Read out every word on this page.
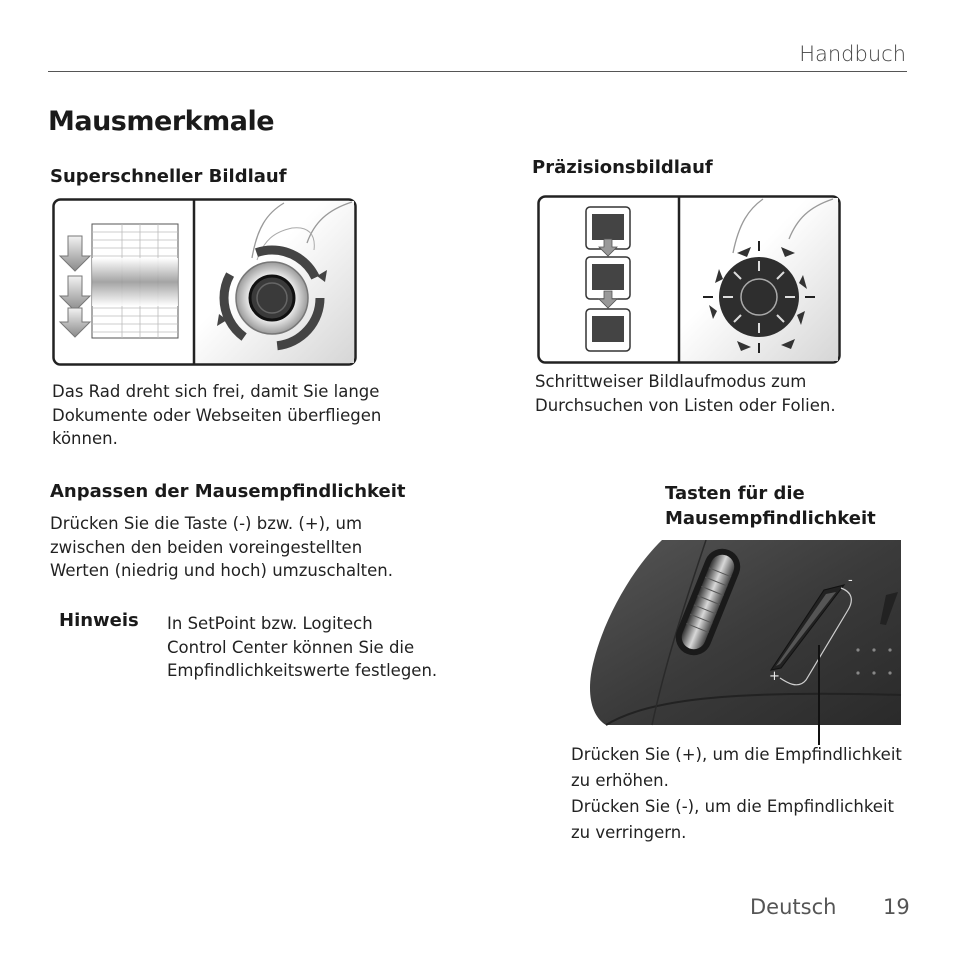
Handbuch
Mausmerkmale
Superschneller Bildlauf
Das Rad dreht sich frei, damit Sie lange
Dokumente oder Webseiten überfliegen
können.
Präzisionsbildlauf
Schrittweiser Bildlaufmodus zum
Durchsuchen von Listen oder Folien.
Anpassen der Mausempfindlichkeit
Drücken Sie die Taste (-) bzw. (+), um
zwischen den beiden voreingestellten
Werten (niedrig und hoch) umzuschalten.
Hinweis In SetPoint bzw. Logitech
Control Center können Sie die
Empfindlichkeitswerte festlegen.
Tasten für die
Mausempfindlichkeit
-
+
Drücken Sie (+), um die Empfindlichkeit
zu erhöhen.
Drücken Sie (-), um die Empfindlichkeit
zu verringern.
Deutsch 19
